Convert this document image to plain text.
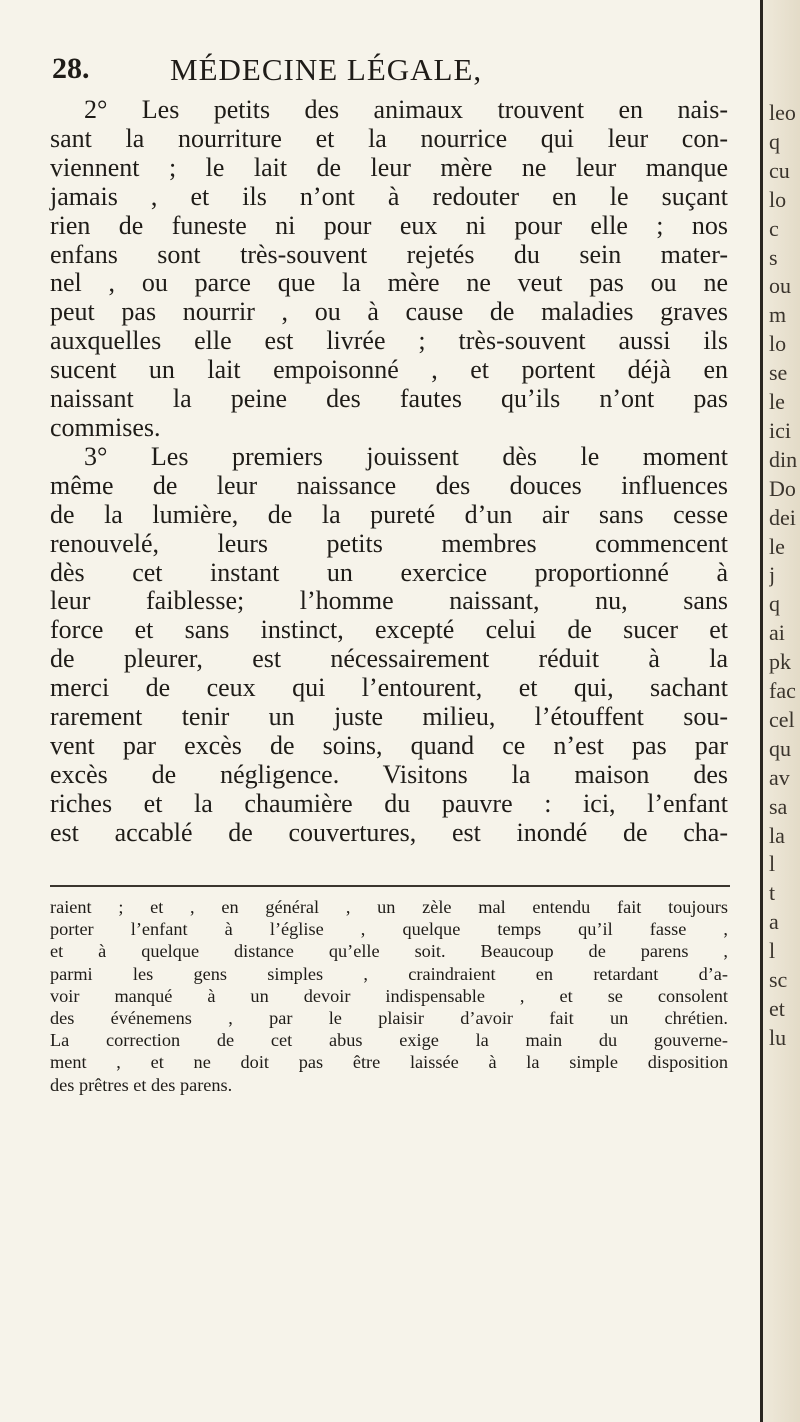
28.	MÉDECINE LÉGALE,
2° Les petits des animaux trouvent en nais-
sant la nourriture et la nourrice qui leur con-
viennent ; le lait de leur mère ne leur manque
jamais , et ils n’ont à redouter en le suçant
rien de funeste ni pour eux ni pour elle ; nos
enfans sont très-souvent rejetés du sein mater-
nel , ou parce que la mère ne veut pas ou ne
peut pas nourrir , ou à cause de maladies graves
auxquelles elle est livrée ; très-souvent aussi ils
sucent un lait empoisonné , et portent déjà en
naissant la peine des fautes qu’ils n’ont pas
commises.
3° Les premiers jouissent dès le moment
même de leur naissance des douces influences
de la lumière, de la pureté d’un air sans cesse
renouvelé, leurs petits membres commencent
dès cet instant un exercice proportionné à
leur faiblesse; l’homme naissant, nu, sans
force et sans instinct, excepté celui de sucer et
de pleurer, est nécessairement réduit à la
merci de ceux qui l’entourent, et qui, sachant
rarement tenir un juste milieu, l’étouffent sou-
vent par excès de soins, quand ce n’est pas par
excès de négligence. Visitons la maison des
riches et la chaumière du pauvre : ici, l’enfant
est accablé de couvertures, est inondé de cha-
raient ; et , en général , un zèle mal entendu fait toujours
porter l’enfant à l’église , quelque temps qu’il fasse ,
et à quelque distance qu’elle soit. Beaucoup de parens ,
parmi les gens simples , craindraient en retardant d’a-
voir manqué à un devoir indispensable , et se consolent
des événemens , par le plaisir d’avoir fait un chrétien.
La correction de cet abus exige la main du gouverne-
ment , et ne doit pas être laissée à la simple disposition
des prêtres et des parens.
leo
q
cu
lo
c
s
ou
m
lo
se
le
ici
din
Do
dei
le
j
q
ai
pk
fac
cel
qu
av
sa
la
l
t
a
l
sc
et
lu
